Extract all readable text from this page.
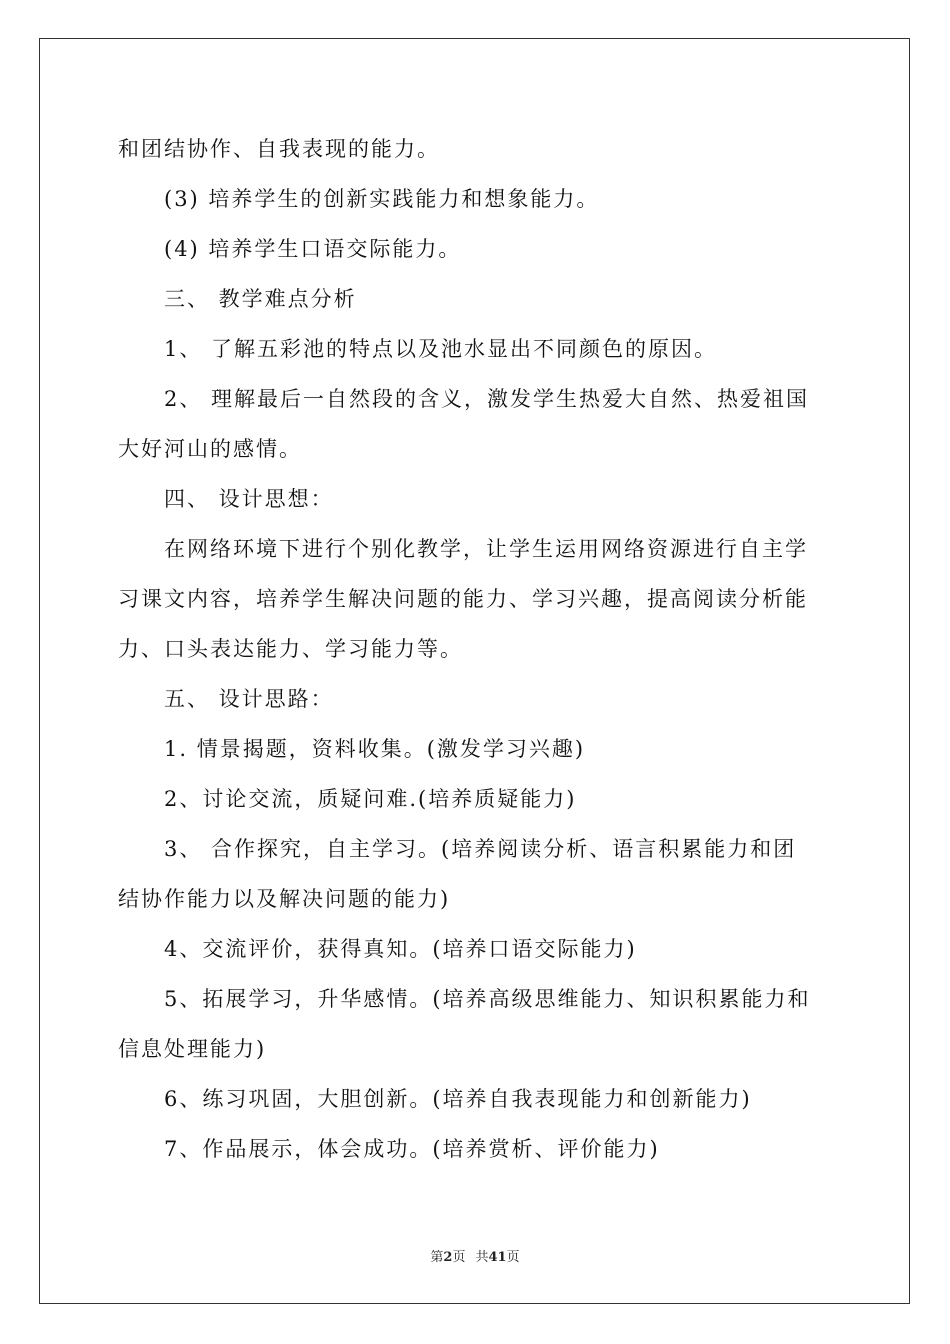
和团结协作、自我表现的能力。
(3) 培养学生的创新实践能力和想象能力。
(4) 培养学生口语交际能力。
三、 教学难点分析
1、 了解五彩池的特点以及池水显出不同颜色的原因。
2、 理解最后一自然段的含义，激发学生热爱大自然、热爱祖国
大好河山的感情。
四、 设计思想：
在网络环境下进行个别化教学，让学生运用网络资源进行自主学
习课文内容，培养学生解决问题的能力、学习兴趣，提高阅读分析能
力、口头表达能力、学习能力等。
五、 设计思路：
1. 情景揭题，资料收集。(激发学习兴趣)
2、讨论交流，质疑问难.(培养质疑能力)
3、 合作探究，自主学习。(培养阅读分析、语言积累能力和团
结协作能力以及解决问题的能力)
4、交流评价，获得真知。(培养口语交际能力)
5、拓展学习，升华感情。(培养高级思维能力、知识积累能力和
信息处理能力)
6、练习巩固，大胆创新。(培养自我表现能力和创新能力)
7、作品展示，体会成功。(培养赏析、评价能力)
第2页 共41页
